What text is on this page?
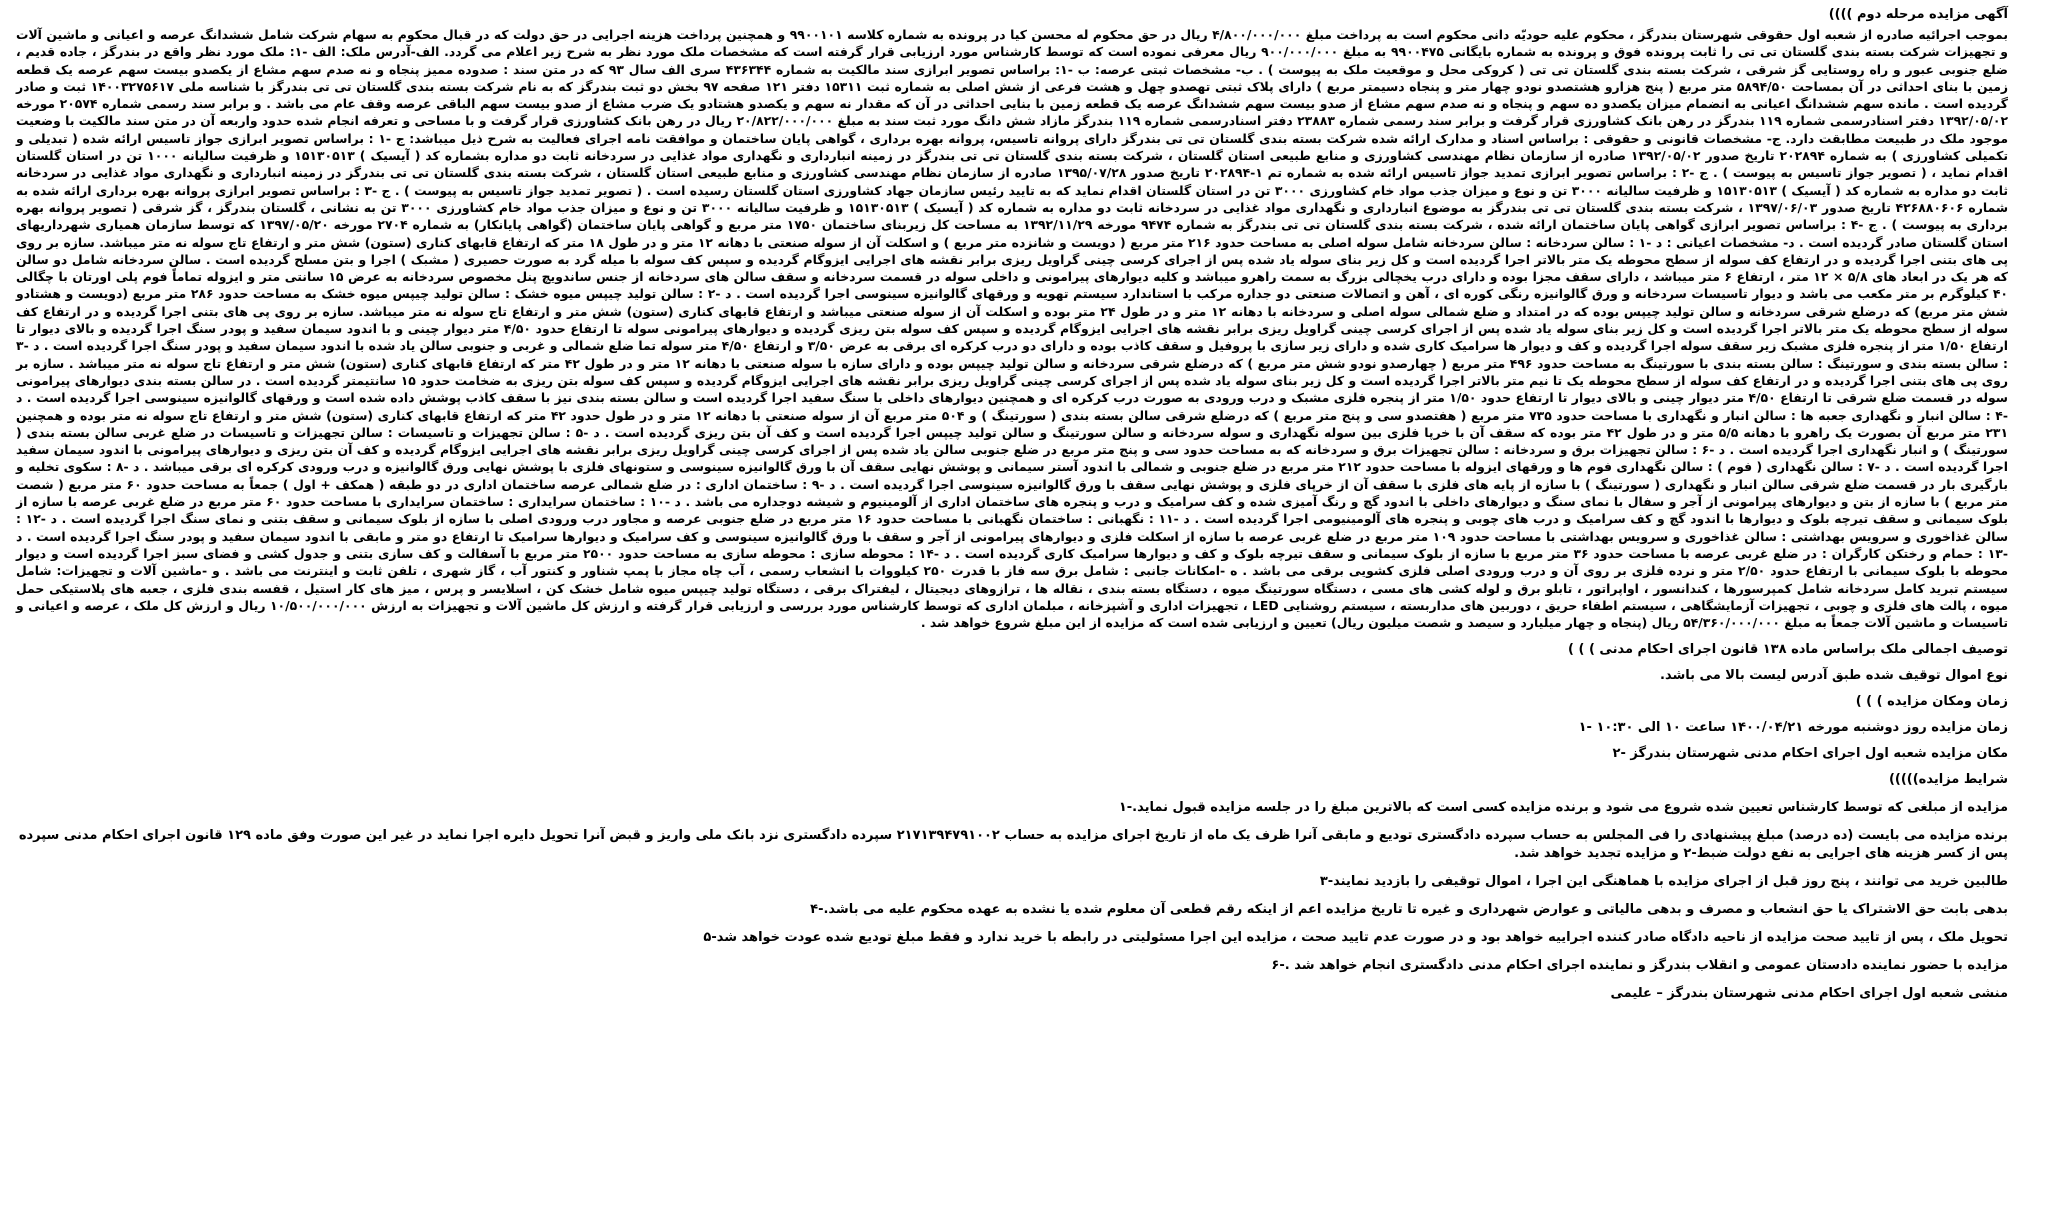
آگهی مزایده مرحله دوم ))))

بموجب اجرائیه صادره از شعبه اول حقوقی شهرستان بندرگز ، محکوم علیه حودیّه دانی محکوم است به پرداخت مبلغ ۴/۸۰۰/۰۰۰/۰۰۰ ریال در حق محکوم له محسن کیا در پرونده به شماره کلاسه ۹۹۰۰۱۰۱ و همچنین پرداخت هزینه اجرایی در حق دولت که در قبال محکوم به سهام شرکت شامل ششدانگ عرصه و اعیانی و ماشین آلات و تجهیزات شرکت بسته بندی گلستان تی تی را ثابت پرونده فوق و پرونده به شماره بایگانی ۹۹۰۰۴۷۵ به مبلغ ۹۰۰/۰۰۰/۰۰۰ ریال معرفی نموده است که توسط کارشناس مورد ارزیابی قرار گرفته است که مشخصات ملک مورد نظر به شرح زیر اعلام می گردد. الف-آدرس ملک: الف -۱: ملک مورد نظر واقع در بندرگز ، جاده قدیم ، ضلع جنوبی عبور و راه روستایی گز شرقی ، شرکت بسته بندی گلستان تی تی ( کروکی محل و موقعیت ملک به پیوست ) . ب- مشخصات ثبتی عرصه: ب -۱: براساس تصویر ابرازی سند مالکیت به شماره ۴۳۶۳۴۴ سری الف سال ۹۳ که در متن سند : صدوده ممیز پنجاه و نه صدم سهم مشاع از یکصدو بیست سهم عرصه یک قطعه زمین با بنای احداثی در آن بمساحت ۵۸۹۴/۵۰ متر مربع ( پنج هزارو هشتصدو نودو چهار متر و پنجاه دسیمتر مربع ) دارای پلاک ثبتی تهصدو چهل و هشت فرعی از شش اصلی به شماره ثبت ۱۵۳۱۱ دفتر ۱۲۱ صفحه ۹۷ بخش دو ثبت بندرگز که به نام شرکت بسته بندی گلستان تی تی بندرگز با شناسه ملی ۱۴۰۰۳۲۷۵۶۱۷ ثبت و صادر گردیده است . مانده سهم ششدانگ اعیانی به انضمام میزان یکصدو ده سهم و پنجاه و نه صدم سهم مشاع از صدو بیست سهم ششدانگ عرصه یک قطعه زمین با بنایی احداثی در آن که مقدار نه سهم و یکصدو هشتادو یک ضرب مشاع از صدو بیست سهم الباقی عرصه وقف عام می باشد . و برابر سند رسمی شماره ۲۰۵۷۴ مورخه ۱۳۹۲/۰۵/۰۲ دفتر اسنادرسمی شماره ۱۱۹ بندرگز در رهن بانک کشاورزی قرار گرفت و برابر سند رسمی شماره ۲۳۸۸۳ دفتر اسنادرسمی شماره ۱۱۹ بندرگز مازاد شش دانگ مورد ثبت سند به مبلغ ۲۰/۸۲۲/۰۰۰/۰۰۰ ریال در رهن بانک کشاورزی قرار گرفت و با مساحی و تعرفه انجام شده حدود واربعه آن در متن سند مالکیت با وضعیت موجود ملک در طبیعت مطابقت دارد. ج- مشخصات قانونی و حقوقی : براساس اسناد و مدارک ارائه شده شرکت بسته بندی گلستان تی تی بندرگز دارای پروانه تاسیس، پروانه بهره برداری ، گواهی پایان ساختمان و موافقت نامه اجرای فعالیت به شرح ذیل میباشد: ج -۱ : براساس تصویر ابرازی جواز تاسیس ارائه شده ( تبدیلی و تکمیلی کشاورزی ) به شماره ۲۰۲۸۹۴ تاریخ صدور ۱۳۹۲/۰۵/۰۲ صادره از سازمان نظام مهندسی کشاورزی و منابع طبیعی استان گلستان ، شرکت بسته بندی گلستان تی تی بندرگز در زمینه انبارداری و نگهداری مواد غذایی در سردخانه ثابت دو مداره بشماره کد ( آیسیک ) ۱۵۱۳۰۵۱۳ و ظرفیت سالیانه ۱۰۰۰ تن در استان گلستان اقدام نماید ، ( تصویر جواز تاسیس به پیوست ) . ج -۲ : براساس تصویر ابرازی تمدید جواز تاسیس ارائه شده به شماره تم ۱-۲۰۲۸۹۴ تاریخ صدور ۱۳۹۵/۰۷/۲۸ صادره از سازمان نظام مهندسی کشاورزی و منابع طبیعی استان گلستان ، شرکت بسته بندی گلستان تی تی بندرگز در زمینه انبارداری و نگهداری مواد غذایی در سردخانه ثابت دو مداره به شماره کد ( آیسیک ) ۱۵۱۳۰۵۱۳ و ظرفیت سالیانه ۳۰۰۰ تن و نوع و میزان جذب مواد خام کشاورزی ۳۰۰۰ تن در استان گلستان اقدام نماید که به تایید رئیس سازمان جهاد کشاورزی استان گلستان رسیده است . ( تصویر تمدید جواز تاسیس به پیوست ) . ج -۳ : براساس تصویر ابرازی پروانه بهره برداری ارائه شده به شماره ۴۲۶۸۸۰۶۰۶ تاریخ صدور ۱۳۹۷/۰۶/۰۳ ، شرکت بسته بندی گلستان تی تی بندرگز به موضوع انبارداری و نگهداری مواد غذایی در سردخانه ثابت دو مداره به شماره کد ( آیسیک ) ۱۵۱۳۰۵۱۳ و ظرفیت سالیانه ۳۰۰۰ تن و نوع و میزان جذب مواد خام کشاورزی ۳۰۰۰ تن به نشانی ، گلستان بندرگز ، گز شرقی ( تصویر پروانه بهره برداری به پیوست ) . ج -۴ : براساس تصویر ابرازی گواهی پایان ساختمان ارائه شده ، شرکت بسته بندی گلستان تی تی بندرگز به شماره ۹۴۷۴ مورخه ۱۳۹۲/۱۱/۲۹ به مساحت کل زیربنای ساختمان ۱۷۵۰ متر مربع و گواهی پایان ساختمان (گواهی پایانکار) به شماره ۲۷۰۴ مورخه ۱۳۹۷/۰۵/۲۰ که توسط سازمان همیاری شهرداریهای استان گلستان صادر گردیده است . د- مشخصات اعیانی : د -۱ : سالن سردخانه : سالن سردخانه شامل سوله اصلی به مساحت حدود ۲۱۶ متر مربع ( دویست و شانزده متر مربع ) و اسکلت آن از سوله صنعتی با دهانه ۱۲ متر و در طول ۱۸ متر که ارتفاع قابهای کناری (ستون) شش متر و ارتفاع تاج سوله نه متر میباشد. سازه بر روی پی های بتنی اجرا گردیده و در ارتفاع کف سوله از سطح محوطه یک متر بالاتر اجرا گردیده است و کل زیر بنای سوله یاد شده پس از اجرای کرسی چینی گراویل ریزی برابر نقشه های اجرایی ایزوگام گردیده و سپس کف سوله با میله گرد به صورت حصیری ( مشبک ) اجرا و بتن مسلح گردیده است . سالن سردخانه شامل دو سالن که هر یک در ابعاد های ۵/۸ × ۱۲ متر ، ارتفاع ۶ متر میباشد ، دارای سقف مجزا بوده و دارای درب یخچالی بزرگ به سمت راهرو میباشد و کلیه دیوارهای پیرامونی و داخلی سوله در قسمت سردخانه و سقف سالن های سردخانه از جنس ساندویچ پنل مخصوص سردخانه به عرض ۱۵ سانتی متر و ایزوله تماماً فوم پلی اورتان با چگالی ۴۰ کیلوگرم بر متر مکعب می باشد و دیوار تاسیسات سردخانه و ورق گالوانیزه رنگی کوره ای ، آهن و اتصالات صنعتی دو جداره مرکب با استاندارد سیستم تهویه و ورقهای گالوانیزه سینوسی اجرا گردیده است . د -۲ : سالن تولید چیپس میوه خشک : سالن تولید چیپس میوه خشک به مساحت حدود ۲۸۶ متر مربع (دویست و هشتادو شش متر مربع) که درضلع شرقی سردخانه و سالن تولید چیپس بوده که در امتداد و ضلع شمالی سوله اصلی و سردخانه با دهانه ۱۲ متر و در طول ۲۴ متر بوده و اسکلت آن از سوله صنعتی میباشد و ارتفاع قابهای کناری (ستون) شش متر و ارتفاع تاج سوله نه متر میباشد. سازه بر روی پی های بتنی اجرا گردیده و در ارتفاع کف سوله از سطح محوطه یک متر بالاتر اجرا گردیده است و کل زیر بنای سوله یاد شده پس از اجرای کرسی چینی گراویل ریزی برابر نقشه های اجرایی ایزوگام گردیده و سپس کف سوله بتن ریزی گردیده و دیوارهای پیرامونی سوله تا ارتفاع حدود ۴/۵۰ متر دیوار چینی و با اندود سیمان سفید و پودر سنگ اجرا گردیده و بالای دیوار تا ارتفاع ۱/۵۰ متر از پنجره فلزی مشبک زیر سقف سوله اجرا گردیده و کف و دیوار ها سرامیک کاری شده و دارای زیر سازی با پروفیل و سقف کاذب بوده و دارای دو درب کرکره ای برقی به عرض ۳/۵۰ و ارتفاع ۴/۵۰ متر سوله تما ضلع شمالی و غربی و جنوبی سالن یاد شده با اندود سیمان سفید و پودر سنگ اجرا گردیده است . د -۳ : سالن بسته بندی و سورتینگ : سالن بسته بندی با سورتینگ به مساحت حدود ۴۹۶ متر مربع ( چهارصدو نودو شش متر مربع ) که درضلع شرقی سردخانه و سالن تولید چیپس بوده و دارای سازه با سوله صنعتی با دهانه ۱۲ متر و در طول ۴۲ متر که ارتفاع قابهای کناری (ستون) شش متر و ارتفاع تاج سوله نه متر میباشد . سازه بر روی پی های بتنی اجرا گردیده و در ارتفاع کف سوله از سطح محوطه یک تا نیم متر بالاتر اجرا گردیده است و کل زیر بنای سوله یاد شده پس از اجرای کرسی چینی گراویل ریزی برابر نقشه های اجرایی ایزوگام گردیده و سپس کف سوله بتن ریزی به ضخامت حدود ۱۵ سانتیمتر گردیده است . در سالن بسته بندی دیوارهای پیرامونی سوله در قسمت ضلع شرقی تا ارتفاع ۴/۵۰ متر دیوار چینی و بالای دیوار تا ارتفاع حدود ۱/۵۰ متر از پنجره فلزی مشبک و درب ورودی به صورت درب کرکره ای و همچنین دیوارهای داخلی با سنگ سفید اجرا گردیده است و سالن بسته بندی نیز با سقف کاذب پوشش داده شده است و ورقهای گالوانیزه سینوسی اجرا گردیده است . د -۴ : سالن انبار و نگهداری جعبه ها : سالن انبار و نگهداری با مساحت حدود ۷۳۵ متر مربع ( هفتصدو سی و پنج متر مربع ) که درضلع شرقی سالن بسته بندی ( سورتینگ ) و ۵۰۴ متر مربع آن از سوله صنعتی با دهانه ۱۲ متر و در طول حدود ۴۲ متر که ارتفاع قابهای کناری (ستون) شش متر و ارتفاع تاج سوله نه متر بوده و همچنین ۲۳۱ متر مربع آن بصورت یک راهرو با دهانه ۵/۵ متر و در طول ۴۲ متر بوده که سقف آن با خرپا فلزی بین سوله نگهداری و سوله سردخانه و سالن سورتینگ و سالن تولید چیپس اجرا گردیده است و کف آن بتن ریزی گردیده است . د -۵ : سالن تجهیزات و تاسیسات : سالن تجهیزات و تاسیسات در ضلع غربی سالن بسته بندی ( سورتینگ ) و انبار نگهداری اجرا گردیده است . د -۶ : سالن تجهیزات برق و سردخانه : سالن تجهیزات برق و سردخانه که به مساحت حدود سی و پنج متر مربع در ضلع جنوبی سالن یاد شده پس از اجرای کرسی چینی گراویل ریزی برابر نقشه های اجرایی ایزوگام گردیده و کف آن بتن ریزی و دیوارهای پیرامونی با اندود سیمان سفید اجرا گردیده است . د -۷ : سالن نگهداری ( فوم ) : سالن نگهداری فوم ها و ورقهای ایزوله با مساحت حدود ۲۱۲ متر مربع در ضلع جنوبی و شمالی با اندود آستر سیمانی و پوشش نهایی سقف آن با ورق گالوانیزه سینوسی و ستونهای فلزی با پوشش نهایی ورق گالوانیزه و درب ورودی کرکره ای برقی میباشد . د -۸ : سکوی تخلیه و بارگیری بار در قسمت ضلع شرقی سالن انبار و نگهداری ( سورتینگ ) با سازه از پایه های فلزی با سقف آن از خرپای فلزی و پوشش نهایی سقف با ورق گالوانیزه سینوسی اجرا گردیده است . د -۹ : ساختمان اداری : در ضلع شمالی عرصه ساختمان اداری در دو طبقه ( همکف + اول ) جمعاً به مساحت حدود ۶۰ متر مربع ( شصت متر مربع ) با سازه از بتن و دیوارهای پیرامونی از آجر و سفال با نمای سنگ و دیوارهای داخلی با اندود گچ و رنگ آمیزی شده و کف سرامیک و درب و پنجره های ساختمان اداری از آلومینیوم و شیشه دوجداره می باشد . د -۱۰ : ساختمان سرایداری : ساختمان سرایداری با مساحت حدود ۶۰ متر مربع در ضلع غربی عرصه با سازه از بلوک سیمانی و سقف تیرچه بلوک و دیوارها با اندود گچ و کف سرامیک و درب های چوبی و پنجره های آلومینیومی اجرا گردیده است . د -۱۱ : نگهبانی : ساختمان نگهبانی با مساحت حدود ۱۶ متر مربع در ضلع جنوبی عرصه و مجاور درب ورودی اصلی با سازه از بلوک سیمانی و سقف بتنی و نمای سنگ اجرا گردیده است . د -۱۲ : سالن غذاخوری و سرویس بهداشتی : سالن غذاخوری و سرویس بهداشتی با مساحت حدود ۱۰۹ متر مربع در ضلع غربی عرصه با سازه از اسکلت فلزی و دیوارهای پیرامونی از آجر و سقف با ورق گالوانیزه سینوسی و کف سرامیک و دیوارها سرامیک تا ارتفاع دو متر و مابقی با اندود سیمان سفید و پودر سنگ اجرا گردیده است . د -۱۳ : حمام و رختکن کارگران : در ضلع غربی عرصه با مساحت حدود ۳۶ متر مربع با سازه از بلوک سیمانی و سقف تیرچه بلوک و کف و دیوارها سرامیک کاری گردیده است . د -۱۴ : محوطه سازی : محوطه سازی به مساحت حدود ۲۵۰۰ متر مربع با آسفالت و کف سازی بتنی و جدول کشی و فضای سبز اجرا گردیده است و دیوار محوطه با بلوک سیمانی با ارتفاع حدود ۲/۵۰ متر و نرده فلزی بر روی آن و درب ورودی اصلی فلزی کشویی برقی می باشد . ه -امکانات جانبی : شامل برق سه فاز با قدرت ۲۵۰ کیلووات با انشعاب رسمی ، آب چاه مجاز با پمپ شناور و کنتور آب ، گاز شهری ، تلفن ثابت و اینترنت می باشد . و -ماشین آلات و تجهیزات: شامل سیستم تبرید کامل سردخانه شامل کمپرسورها ، کندانسور ، اواپراتور ، تابلو برق و لوله کشی های مسی ، دستگاه سورتینگ میوه ، دستگاه بسته بندی ، نقاله ها ، ترازوهای دیجیتال ، لیفتراک برقی ، دستگاه تولید چیپس میوه شامل خشک کن ، اسلایسر و پرس ، میز های کار استیل ، قفسه بندی فلزی ، جعبه های پلاستیکی حمل میوه ، پالت های فلزی و چوبی ، تجهیزات آزمایشگاهی ، سیستم اطفاء حریق ، دوربین های مداربسته ، سیستم روشنایی LED ، تجهیزات اداری و آشپزخانه ، مبلمان اداری که توسط کارشناس مورد بررسی و ارزیابی قرار گرفته و ارزش کل ماشین آلات و تجهیزات به ارزش ۱۰/۵۰۰/۰۰۰/۰۰۰ ریال و ارزش کل ملک ، عرصه و اعیانی و تاسیسات و ماشین آلات جمعاً به مبلغ ۵۴/۳۶۰/۰۰۰/۰۰۰ ریال (پنجاه و چهار میلیارد و سیصد و شصت میلیون ریال) تعیین و ارزیابی شده است که مزایده از این مبلغ شروع خواهد شد .

توصیف اجمالی ملک براساس ماده ۱۳۸ قانون اجرای احکام مدنی ) ) )
نوع اموال توقیف شده طبق آدرس لیست بالا می باشد.
زمان ومکان مزایده ) ) )
زمان مزایده روز دوشنبه مورخه ۱۴۰۰/۰۴/۲۱ ساعت ۱۰ الی ۱۰:۳۰ -۱
مکان مزایده شعبه اول اجرای احکام مدنی شهرستان بندرگز -۲
شرایط مزایده)))))
مزایده از مبلغی که توسط کارشناس تعیین شده شروع می شود و برنده مزایده کسی است که بالاترین مبلغ را در جلسه مزایده قبول نماید.-۱
برنده مزایده می بایست (ده درصد) مبلغ پیشنهادی را فی المجلس به حساب سپرده دادگستری تودیع و مابقی آنرا ظرف یک ماه از تاریخ اجرای مزایده به حساب ۲۱۷۱۳۹۴۷۹۱۰۰۲ سپرده دادگستری نزد بانک ملی واریز و قبض آنرا تحویل دایره اجرا نماید در غیر این صورت وفق ماده ۱۲۹ قانون اجرای احکام مدنی سپرده پس از کسر هزینه های اجرایی به نفع دولت ضبط-۲ و مزایده تجدید خواهد شد.
طالبین خرید می توانند ، پنج روز قبل از اجرای مزایده با هماهنگی این اجرا ، اموال توقیفی را بازدید نمایند-۳
بدهی بابت حق الاشتراک یا حق انشعاب و مصرف و بدهی مالیاتی و عوارض شهرداری و غیره تا تاریخ مزایده اعم از اینکه رقم قطعی آن معلوم شده یا نشده به عهده محکوم علیه می باشد.-۴
تحویل ملک ، پس از تایید صحت مزایده از ناحیه دادگاه صادر کننده اجراییه خواهد بود و در صورت عدم تایید صحت ، مزایده این اجرا مسئولیتی در رابطه با خرید ندارد و فقط مبلغ تودیع شده عودت خواهد شد-۵
مزایده با حضور نماینده دادستان عمومی و انقلاب بندرگز و نماینده اجرای احکام مدنی دادگستری انجام خواهد شد .-۶
منشی شعبه اول اجرای احکام مدنی شهرستان بندرگز – علیمی
